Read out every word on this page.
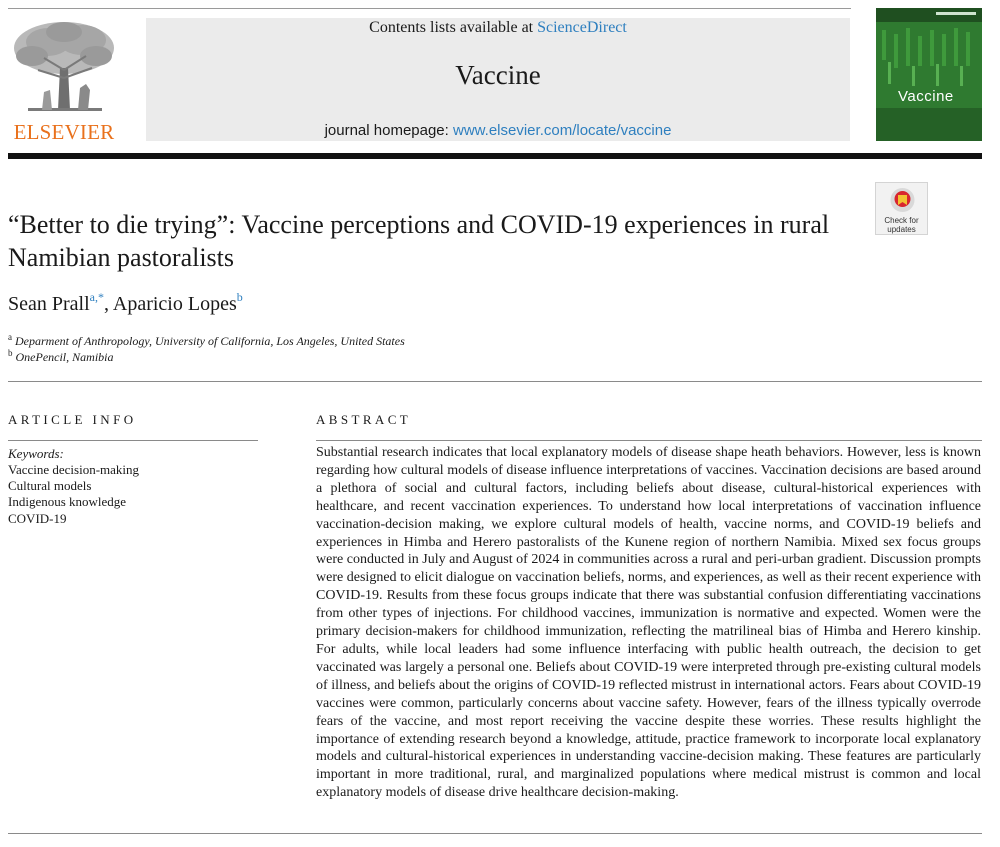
ELSEVIER
Contents lists available at ScienceDirect
Vaccine
journal homepage: www.elsevier.com/locate/vaccine
Vaccine
Check for
updates
“Better to die trying”: Vaccine perceptions and COVID-19 experiences in rural Namibian pastoralists
Sean Prall$^{a,*}$, Aparicio Lopes$^b$
$^a$ Deparment of Anthropology, University of California, Los Angeles, United States
$^b$ OnePencil, Namibia
ARTICLE INFO
Keywords:
Vaccine decision-making
Cultural models
Indigenous knowledge
COVID-19
ABSTRACT

Substantial research indicates that local explanatory models of disease shape heath behaviors. However, less is known regarding how cultural models of disease influence interpretations of vaccines. Vaccination decisions are based around a plethora of social and cultural factors, including beliefs about disease, cultural-historical experiences with healthcare, and recent vaccination experiences. To understand how local interpretations of vaccination influence vaccination-decision making, we explore cultural models of health, vaccine norms, and COVID-19 beliefs and experiences in Himba and Herero pastoralists of the Kunene region of northern Namibia. Mixed sex focus groups were conducted in July and August of 2024 in communities across a rural and peri-urban gradient. Discussion prompts were designed to elicit dialogue on vaccination beliefs, norms, and experiences, as well as their recent experience with COVID-19. Results from these focus groups indicate that there was substantial confusion differentiating vaccinations from other types of injections. For childhood vaccines, immunization is normative and expected. Women were the primary decision-makers for childhood immunization, reflecting the matrilineal bias of Himba and Herero kinship. For adults, while local leaders had some influence interfacing with public health outreach, the decision to get vaccinated was largely a personal one. Beliefs about COVID-19 were interpreted through pre-existing cultural models of illness, and beliefs about the origins of COVID-19 reflected mistrust in international actors. Fears about COVID-19 vaccines were common, particularly concerns about vaccine safety. However, fears of the illness typically overrode fears of the vaccine, and most report receiving the vaccine despite these worries. These results highlight the importance of extending research beyond a knowledge, attitude, practice framework to incorporate local explanatory models and cultural-historical experiences in understanding vaccine-decision making. These features are particularly important in more traditional, rural, and marginalized populations where medical mistrust is common and local explanatory models of disease drive healthcare decision-making.
